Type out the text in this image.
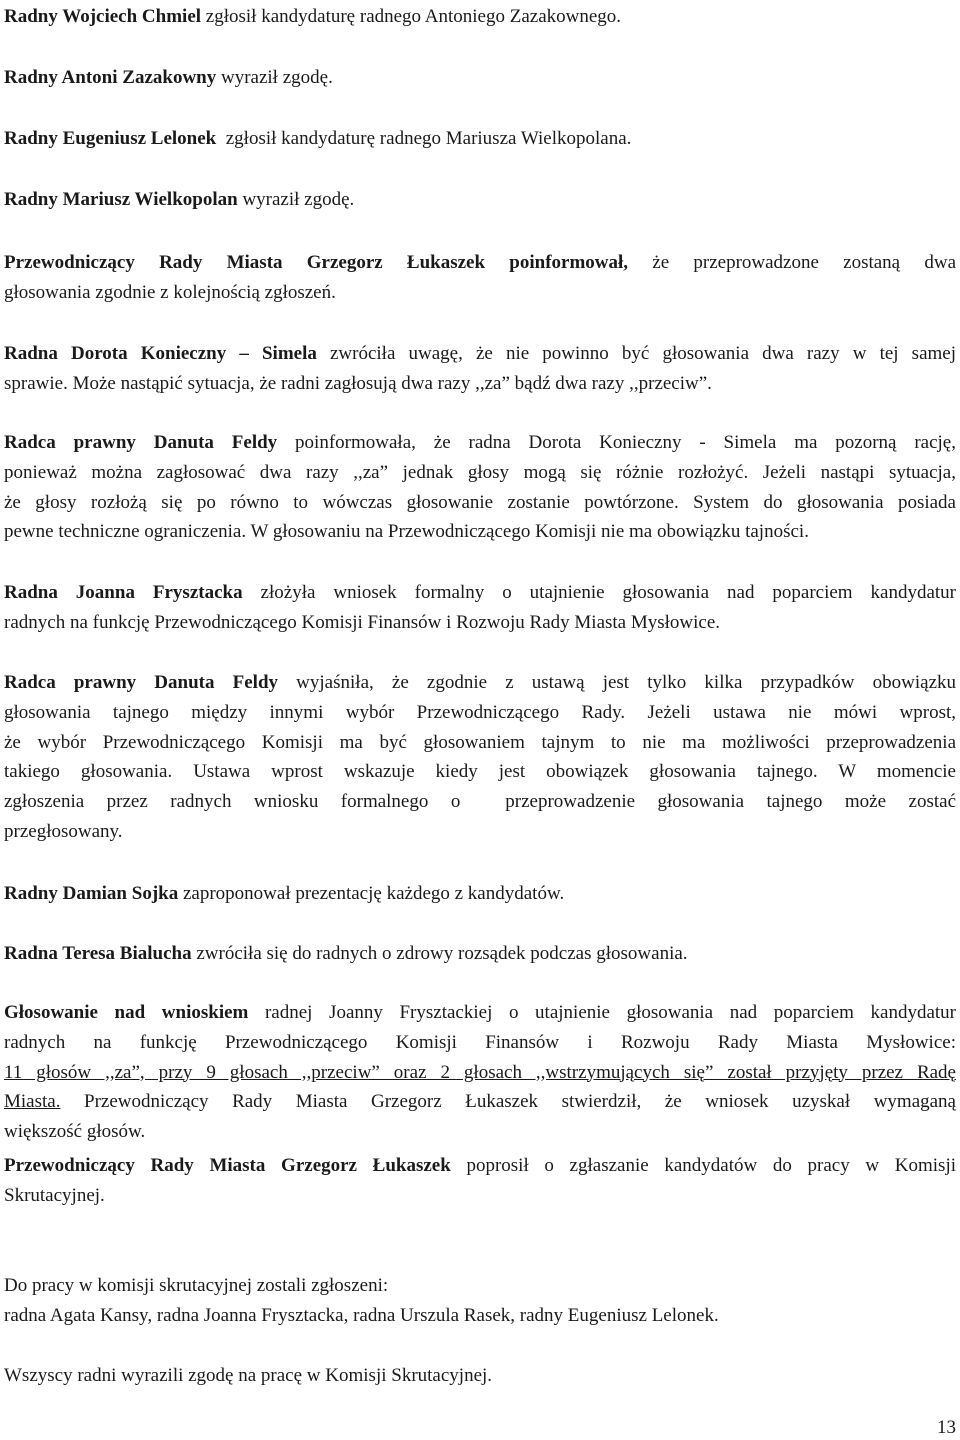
Radny Wojciech Chmiel zgłosił kandydaturę radnego Antoniego Zazakownego.

Radny Antoni Zazakowny wyraził zgodę.

Radny Eugeniusz Lelonek  zgłosił kandydaturę radnego Mariusza Wielkopolana.

Radny Mariusz Wielkopolan wyraził zgodę.

Przewodniczący Rady Miasta Grzegorz Łukaszek poinformował, że przeprowadzone zostaną dwa
głosowania zgodnie z kolejnością zgłoszeń.

Radna Dorota Konieczny – Simela zwróciła uwagę, że nie powinno być głosowania dwa razy w tej samej
sprawie. Może nastąpić sytuacja, że radni zagłosują dwa razy ,,za” bądź dwa razy ,,przeciw”.

Radca prawny Danuta Feldy poinformowała, że radna Dorota Konieczny - Simela ma pozorną rację,
ponieważ można zagłosować dwa razy ,,za” jednak głosy mogą się różnie rozłożyć. Jeżeli nastąpi sytuacja,
że głosy rozłożą się po równo to wówczas głosowanie zostanie powtórzone. System do głosowania posiada
pewne techniczne ograniczenia. W głosowaniu na Przewodniczącego Komisji nie ma obowiązku tajności.

Radna Joanna Frysztacka złożyła wniosek formalny o utajnienie głosowania nad poparciem kandydatur
radnych na funkcję Przewodniczącego Komisji Finansów i Rozwoju Rady Miasta Mysłowice.

Radca prawny Danuta Feldy wyjaśniła, że zgodnie z ustawą jest tylko kilka przypadków obowiązku
głosowania tajnego między innymi wybór Przewodniczącego Rady. Jeżeli ustawa nie mówi wprost,
że wybór Przewodniczącego Komisji ma być głosowaniem tajnym to nie ma możliwości przeprowadzenia
takiego głosowania. Ustawa wprost wskazuje kiedy jest obowiązek głosowania tajnego. W momencie
zgłoszenia przez radnych wniosku formalnego o  przeprowadzenie głosowania tajnego może zostać
przegłosowany.

Radny Damian Sojka zaproponował prezentację każdego z kandydatów.

Radna Teresa Bialucha zwróciła się do radnych o zdrowy rozsądek podczas głosowania.

Głosowanie nad wnioskiem radnej Joanny Frysztackiej o utajnienie głosowania nad poparciem kandydatur
radnych na funkcję Przewodniczącego Komisji Finansów i Rozwoju Rady Miasta Mysłowice:
11 głosów ,,za”, przy 9 głosach ,,przeciw” oraz 2 głosach ,,wstrzymujących się” został przyjęty przez Radę
Miasta. Przewodniczący Rady Miasta Grzegorz Łukaszek stwierdził, że wniosek uzyskał wymaganą
większość głosów.

Przewodniczący Rady Miasta Grzegorz Łukaszek poprosił o zgłaszanie kandydatów do pracy w Komisji
Skrutacyjnej.

Do pracy w komisji skrutacyjnej zostali zgłoszeni:
radna Agata Kansy, radna Joanna Frysztacka, radna Urszula Rasek, radny Eugeniusz Lelonek.

Wszyscy radni wyrazili zgodę na pracę w Komisji Skrutacyjnej.

13
